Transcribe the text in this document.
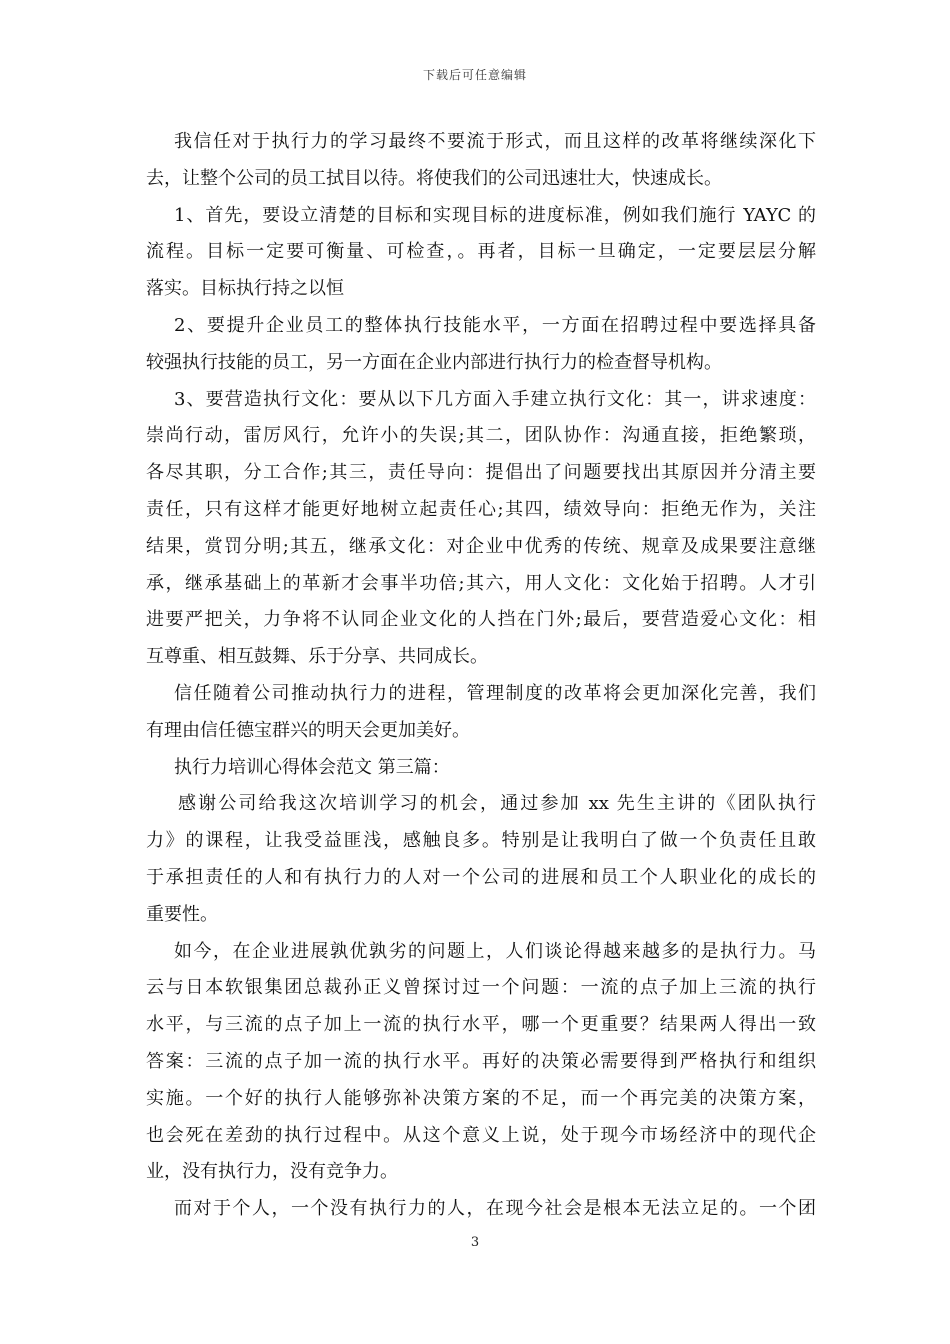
下载后可任意编辑
我信任对于执行力的学习最终不要流于形式，而且这样的改革将继续深化下
去，让整个公司的员工拭目以待。将使我们的公司迅速壮大，快速成长。
1、首先，要设立清楚的目标和实现目标的进度标准，例如我们施行 YAYC 的
流程。目标一定要可衡量、可检查，。再者，目标一旦确定，一定要层层分解
落实。目标执行持之以恒
2、要提升企业员工的整体执行技能水平，一方面在招聘过程中要选择具备
较强执行技能的员工，另一方面在企业内部进行执行力的检查督导机构。
3、要营造执行文化：要从以下几方面入手建立执行文化：其一，讲求速度：
崇尚行动，雷厉风行，允许小的失误;其二，团队协作：沟通直接，拒绝繁琐，
各尽其职，分工合作;其三，责任导向：提倡出了问题要找出其原因并分清主要
责任，只有这样才能更好地树立起责任心;其四，绩效导向：拒绝无作为，关注
结果，赏罚分明;其五，继承文化：对企业中优秀的传统、规章及成果要注意继
承，继承基础上的革新才会事半功倍;其六，用人文化：文化始于招聘。人才引
进要严把关，力争将不认同企业文化的人挡在门外;最后，要营造爱心文化：相
互尊重、相互鼓舞、乐于分享、共同成长。
信任随着公司推动执行力的进程，管理制度的改革将会更加深化完善，我们
有理由信任德宝群兴的明天会更加美好。
执行力培训心得体会范文 第三篇：
感谢公司给我这次培训学习的机会，通过参加 xx 先生主讲的《团队执行
力》的课程，让我受益匪浅，感触良多。特别是让我明白了做一个负责任且敢
于承担责任的人和有执行力的人对一个公司的进展和员工个人职业化的成长的
重要性。
如今，在企业进展孰优孰劣的问题上，人们谈论得越来越多的是执行力。马
云与日本软银集团总裁孙正义曾探讨过一个问题：一流的点子加上三流的执行
水平，与三流的点子加上一流的执行水平，哪一个更重要？结果两人得出一致
答案：三流的点子加一流的执行水平。再好的决策必需要得到严格执行和组织
实施。一个好的执行人能够弥补决策方案的不足，而一个再完美的决策方案，
也会死在差劲的执行过程中。从这个意义上说，处于现今市场经济中的现代企
业，没有执行力，没有竞争力。
而对于个人，一个没有执行力的人，在现今社会是根本无法立足的。一个团
3
